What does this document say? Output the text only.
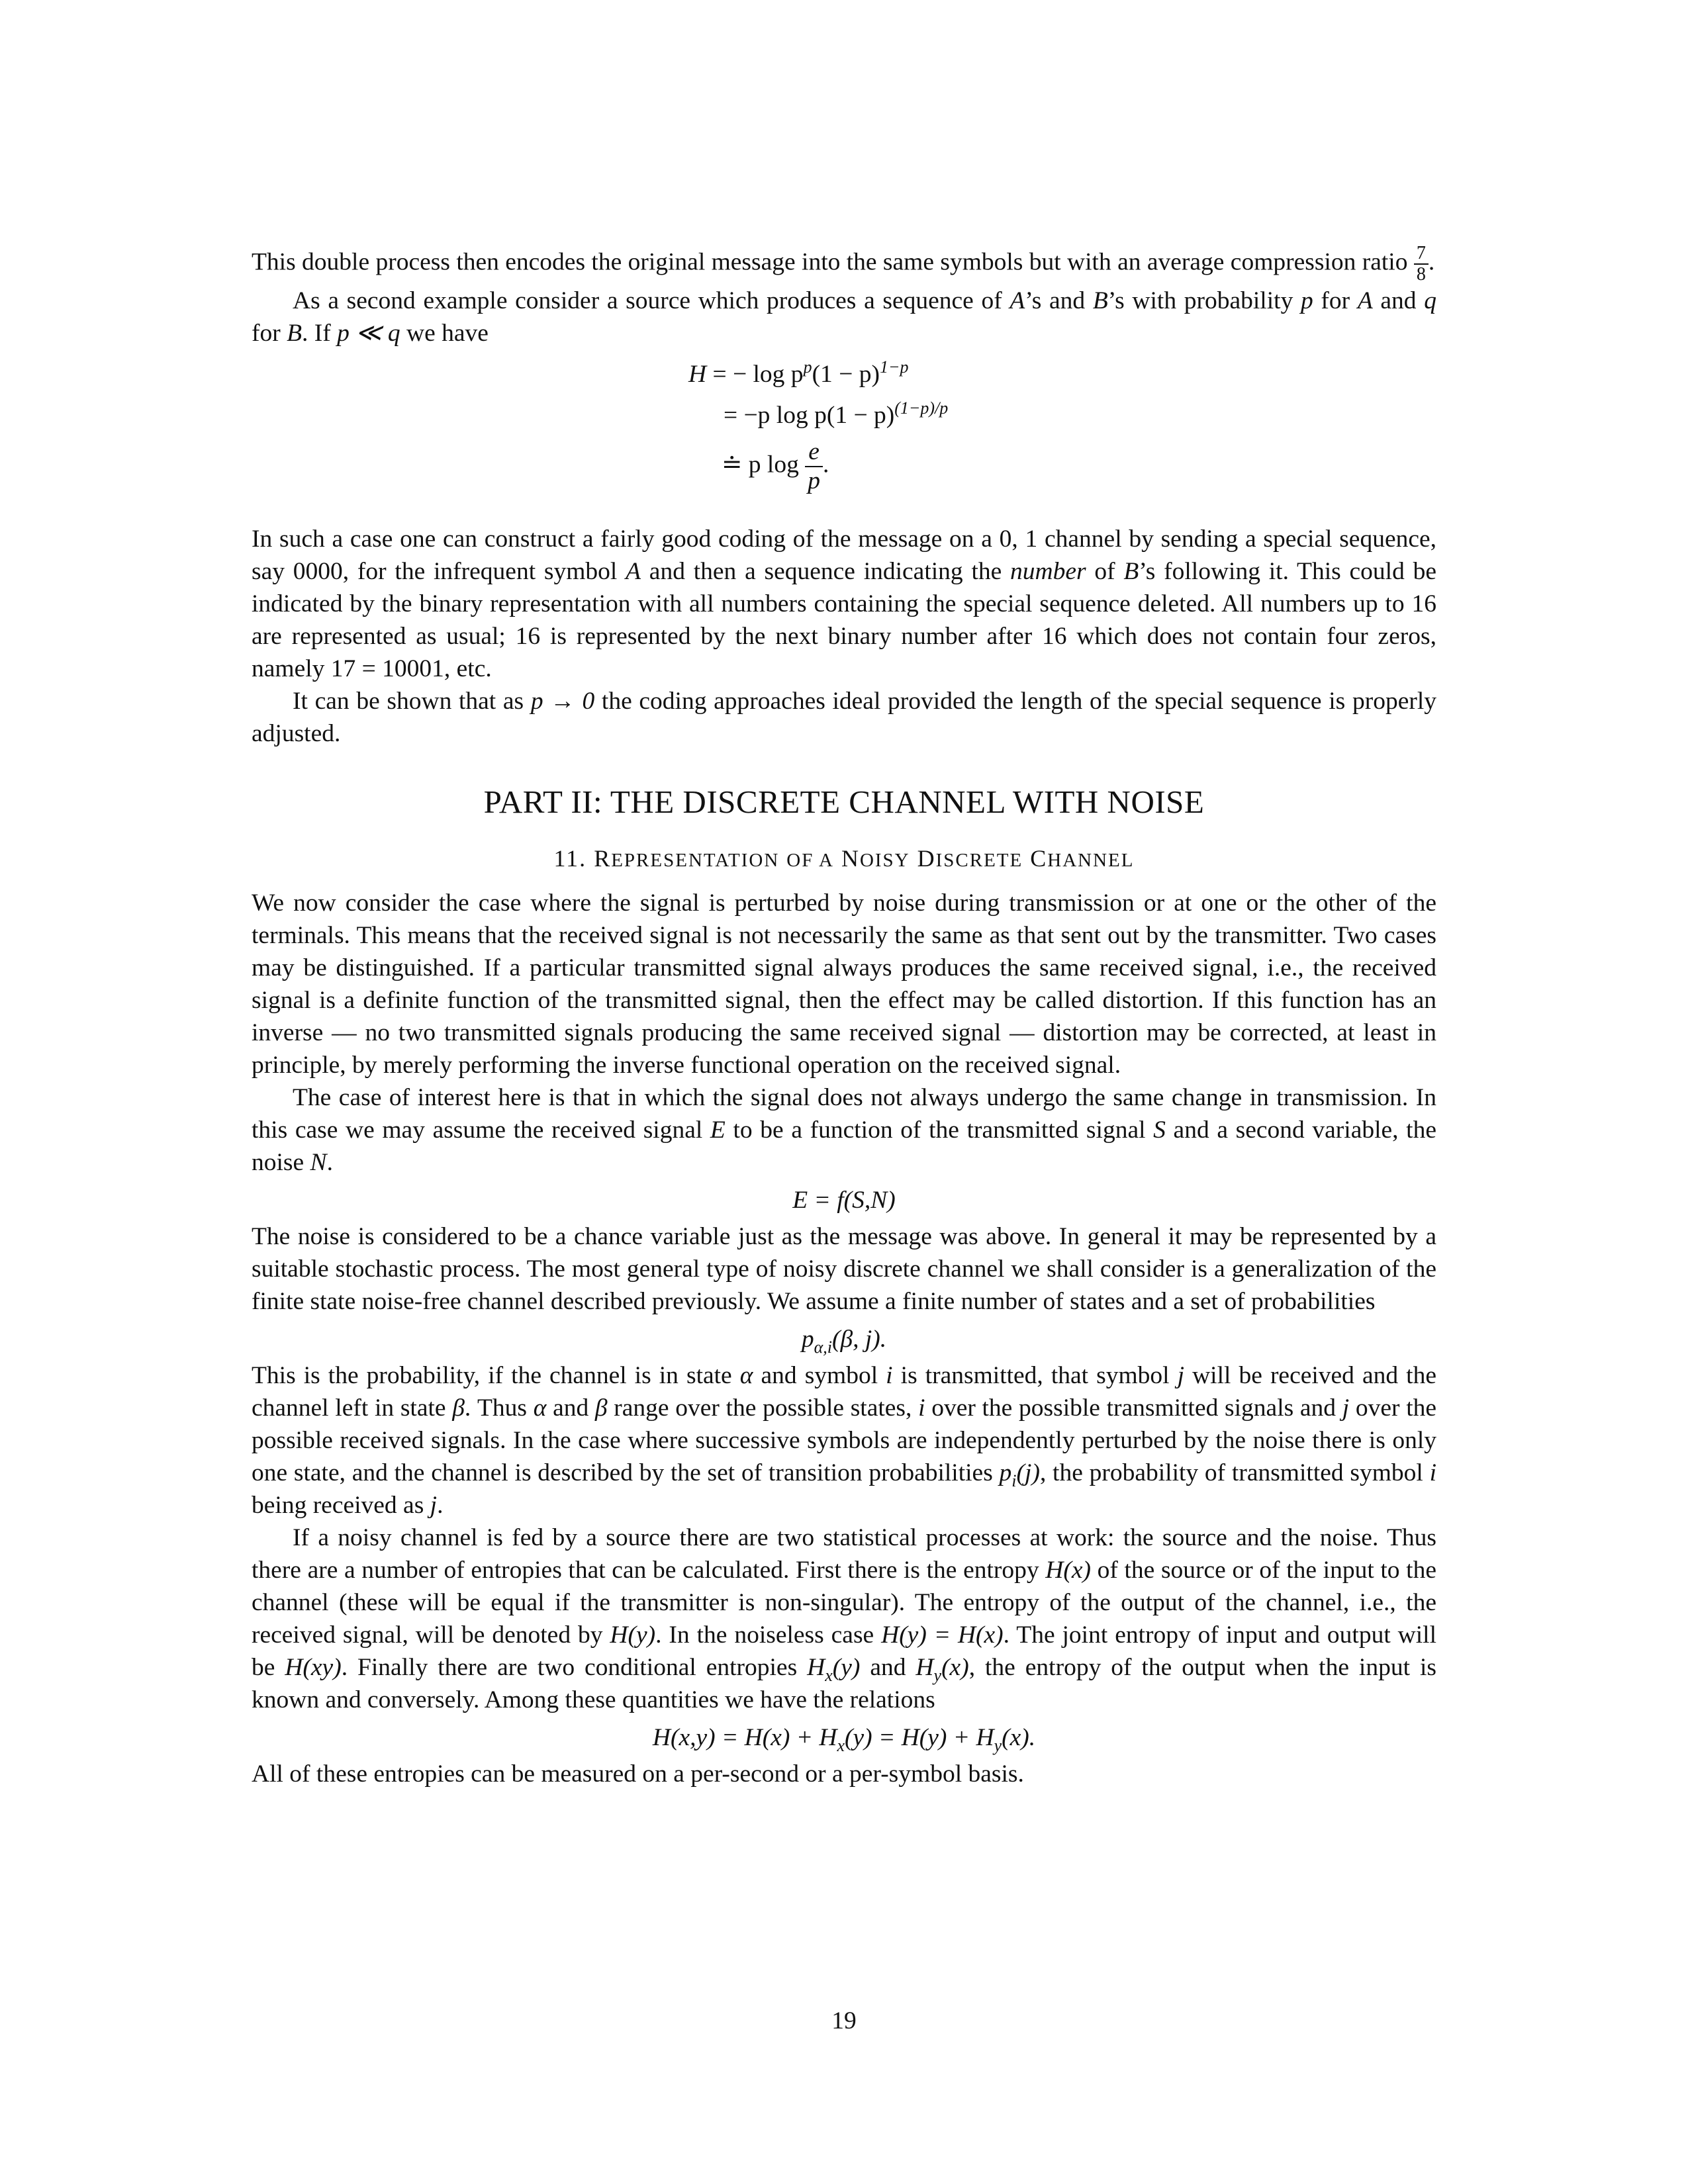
This double process then encodes the original message into the same symbols but with an average compression ratio $\frac{7}{8}$ .

As a second example consider a source which produces a sequence of A’s and B’s with probability p for A and q for B. If p ≪ q we have

H = − $\log p^p(1 - p)^{1-p}$
= −p $\log p(1 - p)^{(1-p)/p}$
≐ p $\log \frac{e}{p}$ .

In such a case one can construct a fairly good coding of the message on a 0, 1 channel by sending a special sequence, say 0000, for the infrequent symbol A and then a sequence indicating the number of B’s following it. This could be indicated by the binary representation with all numbers containing the special sequence deleted. All numbers up to 16 are represented as usual; 16 is represented by the next binary number after 16 which does not contain four zeros, namely 17 = 10001, etc.

It can be shown that as p → 0 the coding approaches ideal provided the length of the special sequence is properly adjusted.

PART II: THE DISCRETE CHANNEL WITH NOISE
11. REPRESENTATION OF A NOISY DISCRETE CHANNEL

We now consider the case where the signal is perturbed by noise during transmission or at one or the other of the terminals. This means that the received signal is not necessarily the same as that sent out by the transmitter. Two cases may be distinguished. If a particular transmitted signal always produces the same received signal, i.e., the received signal is a definite function of the transmitted signal, then the effect may be called distortion. If this function has an inverse — no two transmitted signals producing the same received signal — distortion may be corrected, at least in principle, by merely performing the inverse functional operation on the received signal.

The case of interest here is that in which the signal does not always undergo the same change in transmission. In this case we may assume the received signal E to be a function of the transmitted signal S and a second variable, the noise N.

E = f(S,N)

The noise is considered to be a chance variable just as the message was above. In general it may be represented by a suitable stochastic process. The most general type of noisy discrete channel we shall consider is a generalization of the finite state noise-free channel described previously. We assume a finite number of states and a set of probabilities

$p_{\alpha,i}(\beta$, j).

This is the probability, if the channel is in state α and symbol i is transmitted, that symbol j will be received and the channel left in state β. Thus α and β range over the possible states, i over the possible transmitted signals and j over the possible received signals. In the case where successive symbols are independently perturbed by the noise there is only one state, and the channel is described by the set of transition probabilities $p_i(j)$, the probability of transmitted symbol i being received as j.

If a noisy channel is fed by a source there are two statistical processes at work: the source and the noise. Thus there are a number of entropies that can be calculated. First there is the entropy H(x) of the source or of the input to the channel (these will be equal if the transmitter is non-singular). The entropy of the output of the channel, i.e., the received signal, will be denoted by H(y). In the noiseless case H(y) = H(x). The joint entropy of input and output will be H(xy). Finally there are two conditional entropies $H_x(y)$ and $H_y(x)$, the entropy of the output when the input is known and conversely. Among these quantities we have the relations

$H(x,y) = H(x) + H_x(y) = H(y) + H_y(x)$.

All of these entropies can be measured on a per-second or a per-symbol basis.

19
